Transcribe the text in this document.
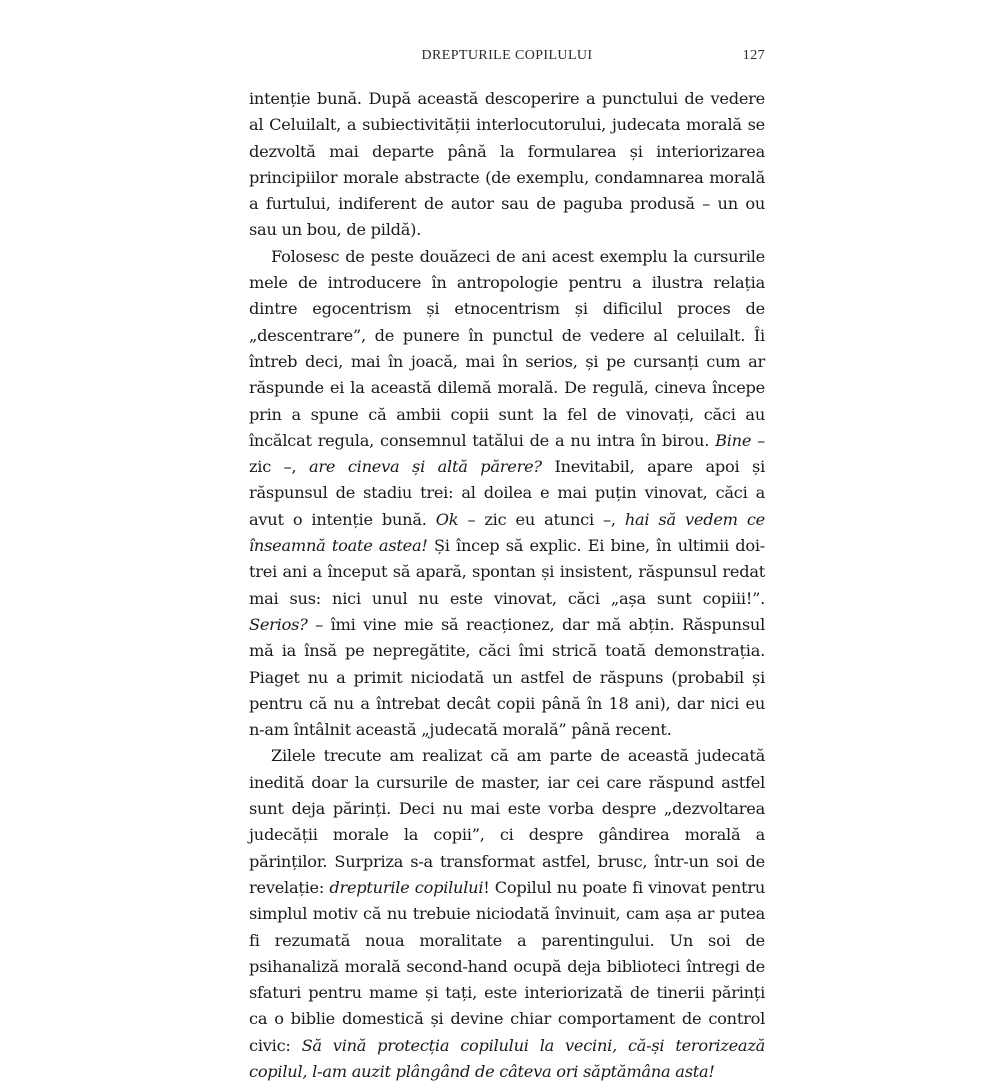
DREPTURILE COPILULUI	127

intenție bună. După această descoperire a punctului de vedere al Celuilalt, a subiectivității interlocutorului, judecata morală se dezvoltă mai departe până la formularea și interiorizarea principiilor morale abstracte (de exemplu, condamnarea morală a furtului, indiferent de autor sau de paguba produsă – un ou sau un bou, de pildă).

Folosesc de peste douăzeci de ani acest exemplu la cursurile mele de introducere în antropologie pentru a ilustra relația dintre egocentrism și etnocentrism și dificilul proces de „descentrare”, de punere în punctul de vedere al celuilalt. Îi întreb deci, mai în joacă, mai în serios, și pe cursanți cum ar răspunde ei la această dilemă morală. De regulă, cineva începe prin a spune că ambii copii sunt la fel de vinovați, căci au încălcat regula, consemnul tatălui de a nu intra în birou. Bine – zic –, are cineva și altă părere? Inevitabil, apare apoi și răspunsul de stadiu trei: al doilea e mai puțin vinovat, căci a avut o intenție bună. Ok – zic eu atunci –, hai să vedem ce înseamnă toate astea! Și încep să explic. Ei bine, în ultimii doi-trei ani a început să apară, spontan și insistent, răspunsul redat mai sus: nici unul nu este vinovat, căci „așa sunt copiii!”. Serios? – îmi vine mie să reacționez, dar mă abțin. Răspunsul mă ia însă pe nepregătite, căci îmi strică toată demonstrația. Piaget nu a primit niciodată un astfel de răspuns (probabil și pentru că nu a întrebat decât copii până în 18 ani), dar nici eu n-am întâlnit această „judecată morală” până recent.

Zilele trecute am realizat că am parte de această judecată inedită doar la cursurile de master, iar cei care răspund astfel sunt deja părinți. Deci nu mai este vorba despre „dezvoltarea judecății morale la copii”, ci despre gândirea morală a părinților. Surpriza s-a transformat astfel, brusc, într-un soi de revelație: drepturile copilului! Copilul nu poate fi vinovat pentru simplul motiv că nu trebuie niciodată învinuit, cam așa ar putea fi rezumată noua moralitate a parentingului. Un soi de psihanaliză morală second-hand ocupă deja biblioteci întregi de sfaturi pentru mame și tați, este interiorizată de tinerii părinți ca o biblie domestică și devine chiar comportament de control civic: Să vină protecția copilului la vecini, că-și terorizează copilul, l-am auzit plângând de câteva ori săptămâna asta!
